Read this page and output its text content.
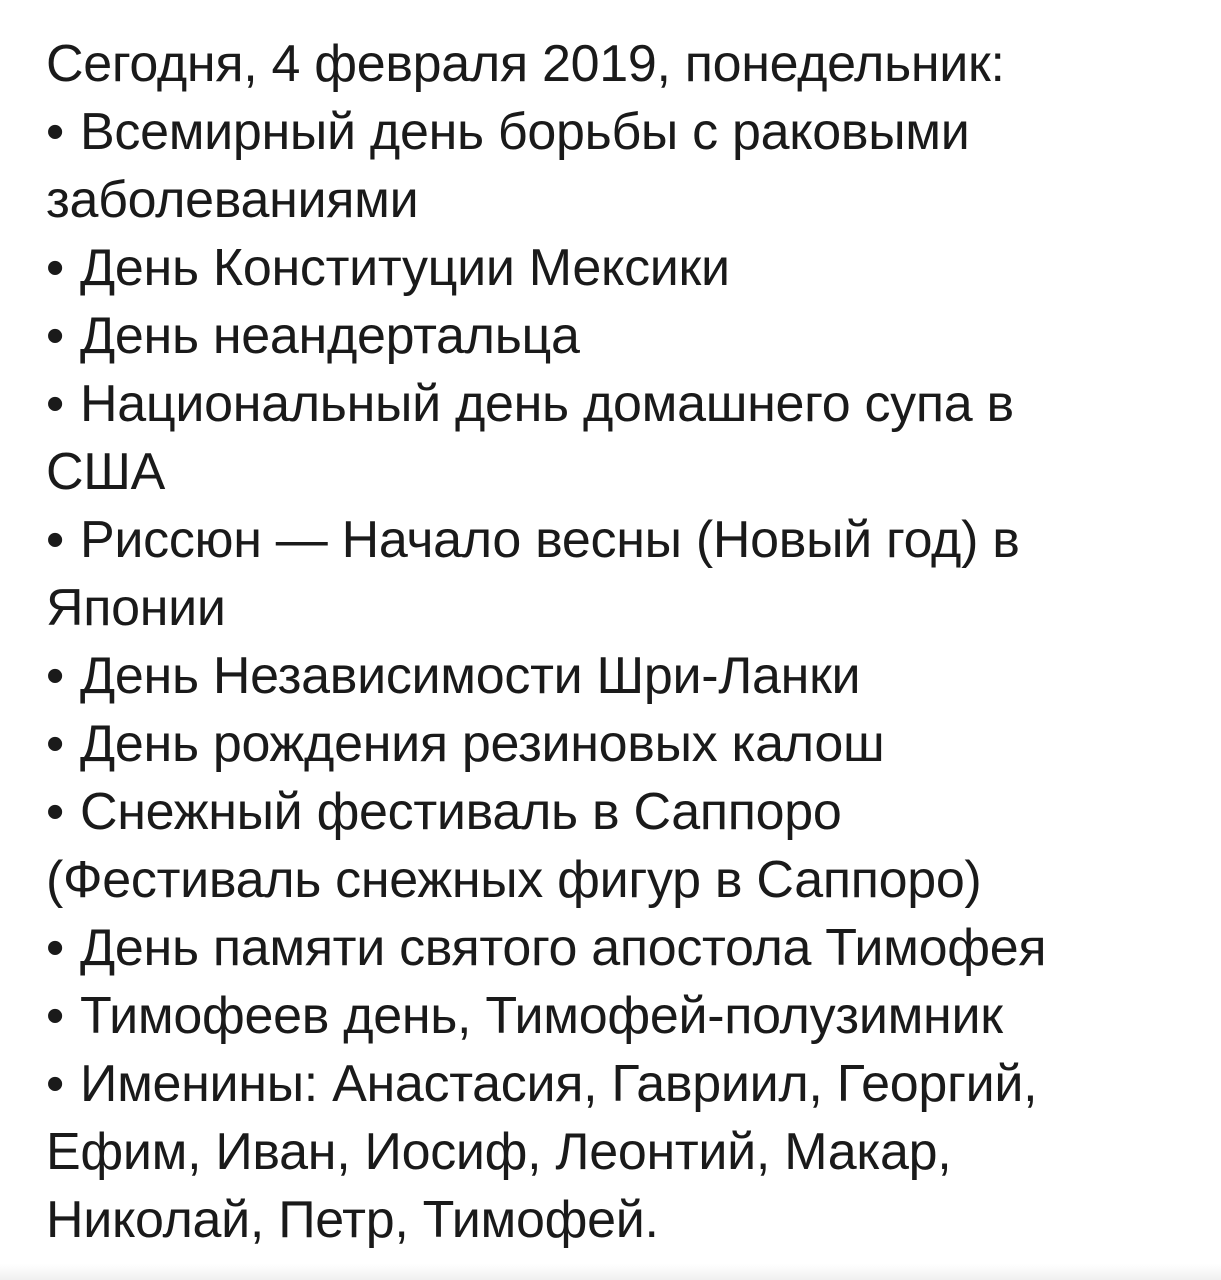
Сегодня, 4 февраля 2019, понедельник:
• Всемирный день борьбы с раковыми
заболеваниями
• День Конституции Мексики
• День неандертальца
• Национальный день домашнего супа в
США
• Риссюн — Начало весны (Новый год) в
Японии
• День Независимости Шри-Ланки
• День рождения резиновых калош
• Снежный фестиваль в Саппоро
(Фестиваль снежных фигур в Саппоро)
• День памяти святого апостола Тимофея
• Тимофеев день, Тимофей-полузимник
• Именины: Анастасия, Гавриил, Георгий,
Ефим, Иван, Иосиф, Леонтий, Макар,
Николай, Петр, Тимофей.
